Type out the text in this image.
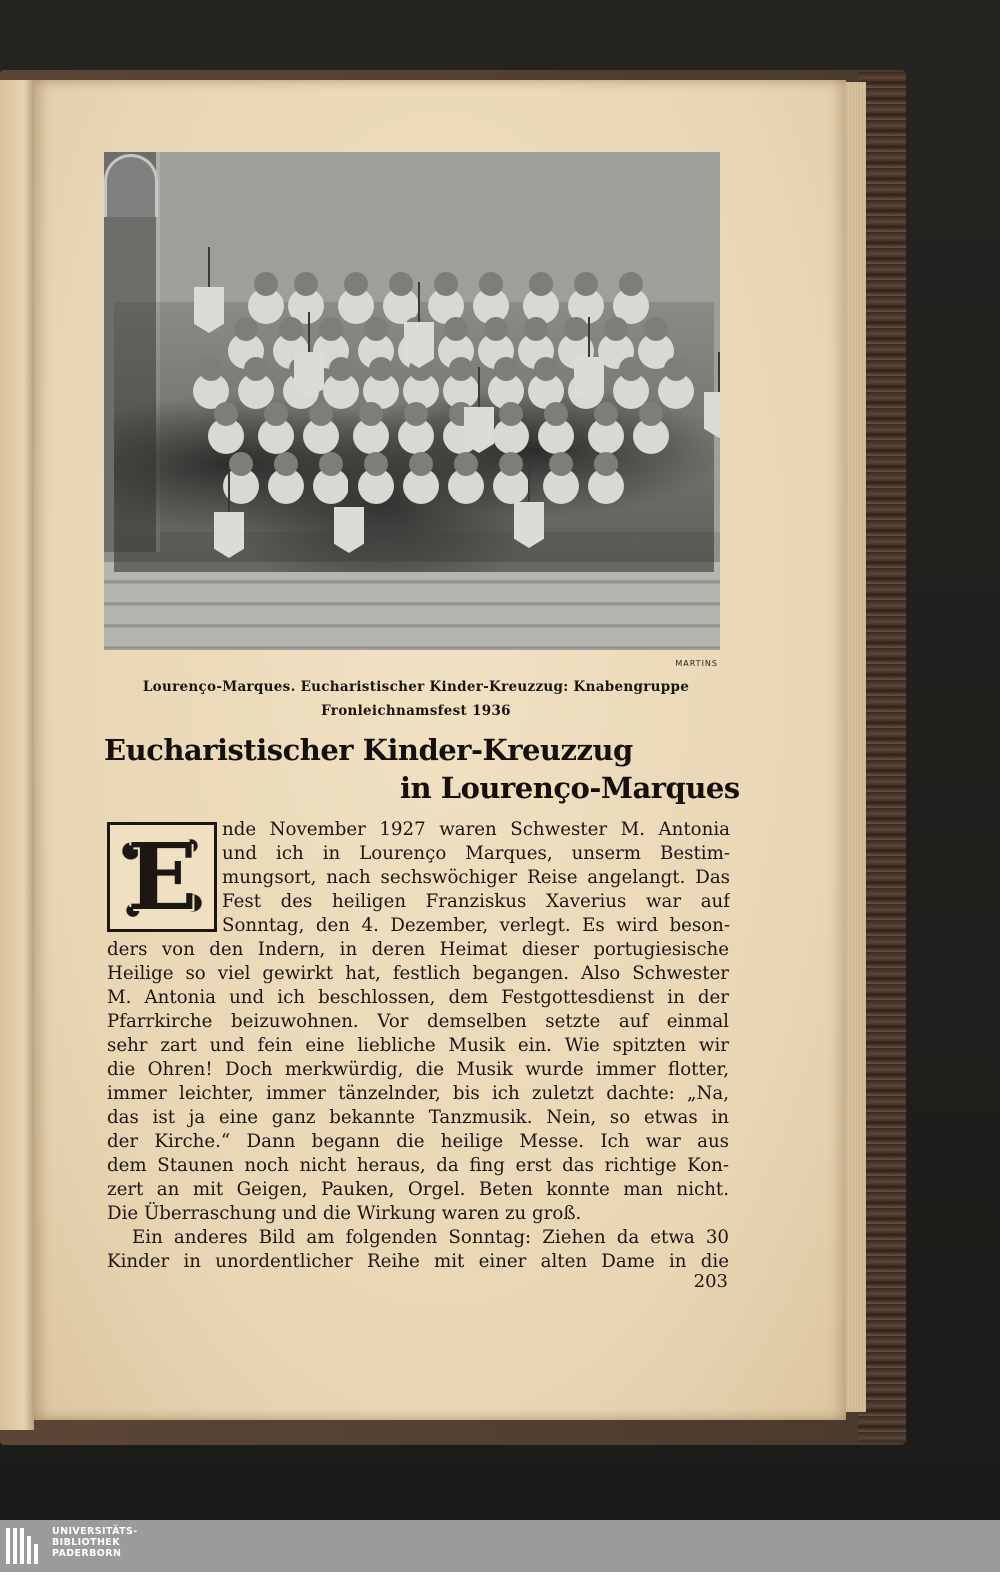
MARTINS
Lourenço-Marques. Eucharistischer Kinder-Kreuzzug: Knabengruppe
Fronleichnamsfest 1936
Eucharistischer Kinder-Kreuzzug
in Lourenço-Marques
E	nde November 1927 waren Schwester M. Antonia
und ich in Lourenço Marques, unserm Bestim-
mungsort, nach sechswöchiger Reise angelangt. Das
Fest des heiligen Franziskus Xaverius war auf
Sonntag, den 4. Dezember, verlegt. Es wird beson-
ders von den Indern, in deren Heimat dieser portugiesische
Heilige so viel gewirkt hat, festlich begangen. Also Schwester
M. Antonia und ich beschlossen, dem Festgottesdienst in der
Pfarrkirche beizuwohnen. Vor demselben setzte auf einmal
sehr zart und fein eine liebliche Musik ein. Wie spitzten wir
die Ohren! Doch merkwürdig, die Musik wurde immer flotter,
immer leichter, immer tänzelnder, bis ich zuletzt dachte: „Na,
das ist ja eine ganz bekannte Tanzmusik. Nein, so etwas in
der Kirche.“ Dann begann die heilige Messe. Ich war aus
dem Staunen noch nicht heraus, da fing erst das richtige Kon-
zert an mit Geigen, Pauken, Orgel. Beten konnte man nicht.
Die Überraschung und die Wirkung waren zu groß.
Ein anderes Bild am folgenden Sonntag: Ziehen da etwa 30
Kinder in unordentlicher Reihe mit einer alten Dame in die
203
UNIVERSITÄTS-
BIBLIOTHEK
PADERBORN
